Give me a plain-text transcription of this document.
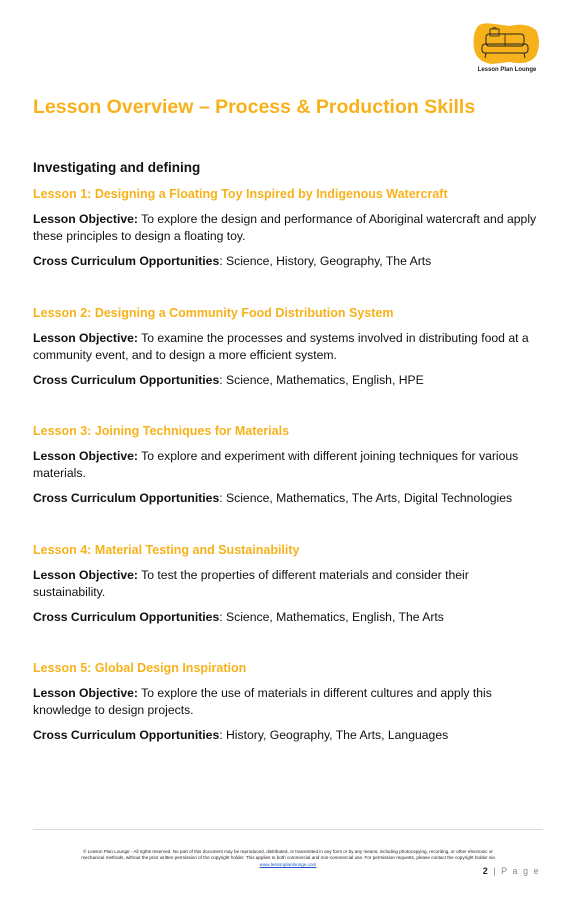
Lesson Plan Lounge
Lesson Overview – Process & Production Skills
Investigating and defining

Lesson 1: Designing a Floating Toy Inspired by Indigenous Watercraft

Lesson Objective: To explore the design and performance of Aboriginal watercraft and apply these principles to design a floating toy.

Cross Curriculum Opportunities: Science, History, Geography, The Arts

Lesson 2: Designing a Community Food Distribution System

Lesson Objective: To examine the processes and systems involved in distributing food at a community event, and to design a more efficient system.

Cross Curriculum Opportunities: Science, Mathematics, English, HPE

Lesson 3: Joining Techniques for Materials

Lesson Objective: To explore and experiment with different joining techniques for various materials.

Cross Curriculum Opportunities: Science, Mathematics, The Arts, Digital Technologies

Lesson 4: Material Testing and Sustainability

Lesson Objective: To test the properties of different materials and consider their sustainability.

Cross Curriculum Opportunities: Science, Mathematics, English, The Arts

Lesson 5: Global Design Inspiration

Lesson Objective: To explore the use of materials in different cultures and apply this knowledge to design projects.

Cross Curriculum Opportunities: History, Geography, The Arts, Languages

© Lesson Plan Lounge - All rights reserved. No part of this document may be reproduced, distributed, or transmitted in any form or by any means, including photocopying, recording, or other electronic or
mechanical methods, without the prior written permission of the copyright holder. This applies to both commercial and non-commercial use. For permission requests, please contact the copyright holder via
www.lessonplanlounge.com
2 | P a g e
